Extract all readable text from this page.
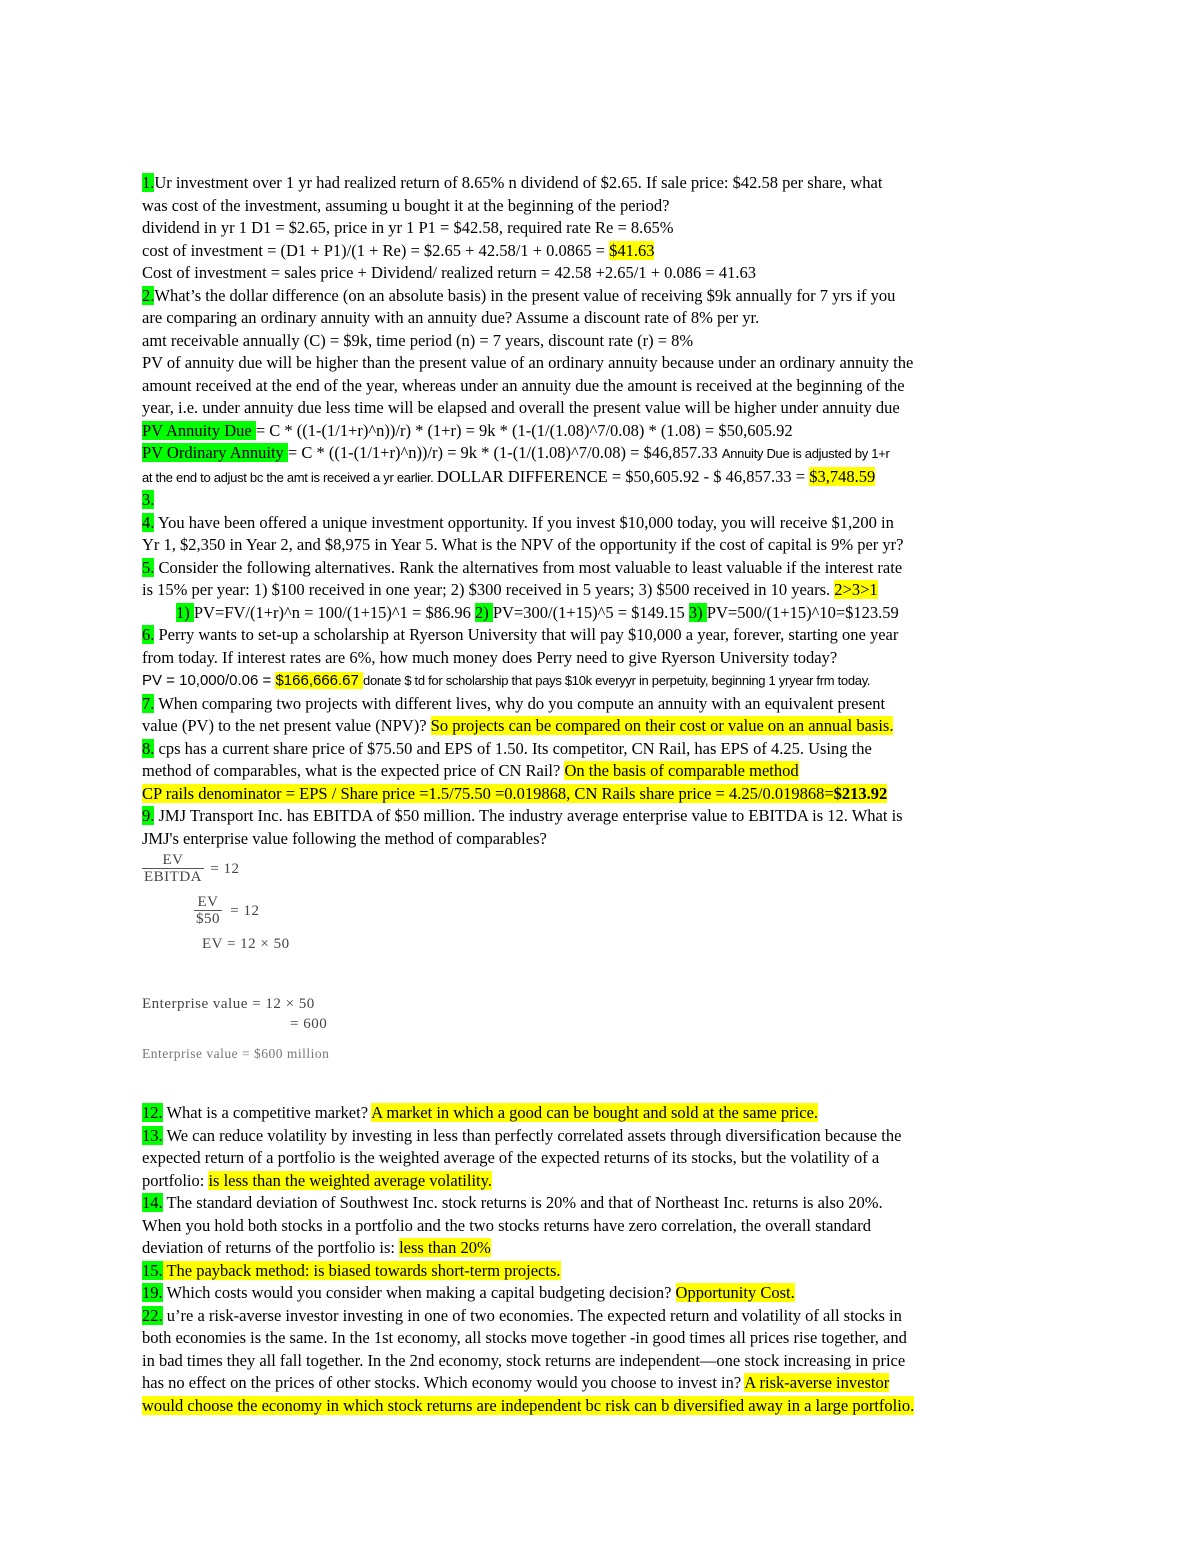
1.Ur investment over 1 yr had realized return of 8.65% n dividend of $2.65. If sale price: $42.58 per share, what
was cost of the investment, assuming u bought it at the beginning of the period?
dividend in yr 1 D1 = $2.65, price in yr 1 P1 = $42.58, required rate Re = 8.65%
cost of investment = (D1 + P1)/(1 + Re) = $2.65 + 42.58/1 + 0.0865 = $41.63
Cost of investment = sales price + Dividend/ realized return = 42.58 +2.65/1 + 0.086 = 41.63
2.What’s the dollar difference (on an absolute basis) in the present value of receiving $9k annually for 7 yrs if you
are comparing an ordinary annuity with an annuity due? Assume a discount rate of 8% per yr.
amt receivable annually (C) = $9k, time period (n) = 7 years, discount rate (r) = 8%
PV of annuity due will be higher than the present value of an ordinary annuity because under an ordinary annuity the
amount received at the end of the year, whereas under an annuity due the amount is received at the beginning of the
year, i.e. under annuity due less time will be elapsed and overall the present value will be higher under annuity due
PV Annuity Due = C * ((1-(1/1+r)^n))/r) * (1+r) = 9k * (1-(1/(1.08)^7/0.08) * (1.08) = $50,605.92
PV Ordinary Annuity = C * ((1-(1/1+r)^n))/r) = 9k * (1-(1/(1.08)^7/0.08) = $46,857.33 Annuity Due is adjusted by 1+r
at the end to adjust bc the amt is received a yr earlier. DOLLAR DIFFERENCE = $50,605.92 - $ 46,857.33 = $3,748.59
3.
4. You have been offered a unique investment opportunity. If you invest $10,000 today, you will receive $1,200 in
Yr 1, $2,350 in Year 2, and $8,975 in Year 5. What is the NPV of the opportunity if the cost of capital is 9% per yr?
5. Consider the following alternatives. Rank the alternatives from most valuable to least valuable if the interest rate
is 15% per year: 1) $100 received in one year; 2) $300 received in 5 years; 3) $500 received in 10 years. 2>3>1
1) PV=FV/(1+r)^n = 100/(1+15)^1 = $86.96 2) PV=300/(1+15)^5 = $149.15 3) PV=500/(1+15)^10=$123.59
6. Perry wants to set-up a scholarship at Ryerson University that will pay $10,000 a year, forever, starting one year
from today. If interest rates are 6%, how much money does Perry need to give Ryerson University today?
PV = 10,000/0.06 = $166,666.67 donate $ td for scholarship that pays $10k everyyr in perpetuity, beginning 1 yryear frm today.
7. When comparing two projects with different lives, why do you compute an annuity with an equivalent present
value (PV) to the net present value (NPV)? So projects can be compared on their cost or value on an annual basis.
8. cps has a current share price of $75.50 and EPS of 1.50. Its competitor, CN Rail, has EPS of 4.25. Using the
method of comparables, what is the expected price of CN Rail? On the basis of comparable method
CP rails denominator = EPS / Share price =1.5/75.50 =0.019868, CN Rails share price = 4.25/0.019868=$213.92
9. JMJ Transport Inc. has EBITDA of $50 million. The industry average enterprise value to EBITDA is 12. What is
JMJ's enterprise value following the method of comparables?
$\frac{EV}{\text{EBITDA}} = 12$
$\frac{EV}{\$50} = 12$
EV = 12 × 50
Enterprise value = 12 × 50
= 600
Enterprise value = $600 million
12. What is a competitive market? A market in which a good can be bought and sold at the same price.
13. We can reduce volatility by investing in less than perfectly correlated assets through diversification because the
expected return of a portfolio is the weighted average of the expected returns of its stocks, but the volatility of a
portfolio: is less than the weighted average volatility.
14. The standard deviation of Southwest Inc. stock returns is 20% and that of Northeast Inc. returns is also 20%.
When you hold both stocks in a portfolio and the two stocks returns have zero correlation, the overall standard
deviation of returns of the portfolio is: less than 20%
15. The payback method: is biased towards short-term projects.
19. Which costs would you consider when making a capital budgeting decision? Opportunity Cost.
22. u’re a risk-averse investor investing in one of two economies. The expected return and volatility of all stocks in
both economies is the same. In the 1st economy, all stocks move together -in good times all prices rise together, and
in bad times they all fall together. In the 2nd economy, stock returns are independent—one stock increasing in price
has no effect on the prices of other stocks. Which economy would you choose to invest in? A risk-averse investor
would choose the economy in which stock returns are independent bc risk can b diversified away in a large portfolio.
